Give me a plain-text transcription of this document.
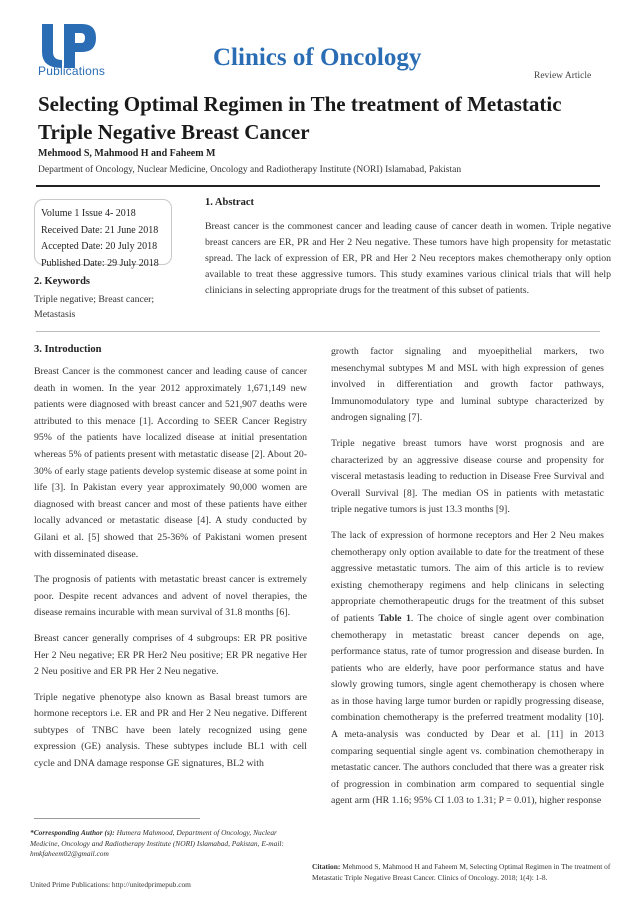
Publications	Clinics of Oncology
Review Article
Selecting Optimal Regimen in The treatment of Metastatic Triple Negative Breast Cancer
Mehmood S, Mahmood H and Faheem M
Department of Oncology, Nuclear Medicine, Oncology and Radiotherapy Institute (NORI) Islamabad, Pakistan
Volume 1 Issue 4- 2018
Received Date: 21 June 2018
Accepted Date: 20 July 2018
Published Date: 29 July 2018
2. Keywords
Triple negative; Breast cancer; Metastasis
1. Abstract
Breast cancer is the commonest cancer and leading cause of cancer death in women. Triple negative breast cancers are ER, PR and Her 2 Neu negative. These tumors have high propensity for metastatic spread. The lack of expression of ER, PR and Her 2 Neu receptors makes chemotherapy only option available to treat these aggressive tumors. This study examines various clinical trials that will help clinicians in selecting appropriate drugs for the treatment of this subset of patients.
3. Introduction

Breast Cancer is the commonest cancer and leading cause of cancer death in women. In the year 2012 approximately 1,671,149 new patients were diagnosed with breast cancer and 521,907 deaths were attributed to this menace [1]. According to SEER Cancer Registry 95% of the patients have localized disease at initial presentation whereas 5% of patients present with metastatic disease [2]. About 20-30% of early stage patients develop systemic disease at some point in life [3]. In Pakistan every year approximately 90,000 women are diagnosed with breast cancer and most of these patients have either locally advanced or metastatic disease [4]. A study conducted by Gilani et al. [5] showed that 25-36% of Pakistani women present with disseminated disease.

The prognosis of patients with metastatic breast cancer is extremely poor. Despite recent advances and advent of novel therapies, the disease remains incurable with mean survival of 31.8 months [6].

Breast cancer generally comprises of 4 subgroups: ER PR positive Her 2 Neu negative; ER PR Her2 Neu positive; ER PR negative Her 2 Neu positive and ER PR Her 2 Neu negative.

Triple negative phenotype also known as Basal breast tumors are hormone receptors i.e. ER and PR and Her 2 Neu negative. Different subtypes of TNBC have been lately recognized using gene expression (GE) analysis. These subtypes include BL1 with cell cycle and DNA damage response GE signatures, BL2 with

growth factor signaling and myoepithelial markers, two mesenchymal subtypes M and MSL with high expression of genes involved in differentiation and growth factor pathways, Immunomodulatory type and luminal subtype characterized by androgen signaling [7].

Triple negative breast tumors have worst prognosis and are characterized by an aggressive disease course and propensity for visceral metastasis leading to reduction in Disease Free Survival and Overall Survival [8]. The median OS in patients with metastatic triple negative tumors is just 13.3 months [9].

The lack of expression of hormone receptors and Her 2 Neu makes chemotherapy only option available to date for the treatment of these aggressive metastatic tumors. The aim of this article is to review existing chemotherapy regimens and help clinicans in selecting appropriate chemotherapeutic drugs for the treatment of this subset of patients Table 1. The choice of single agent over combination chemotherapy in metastatic breast cancer depends on age, performance status, rate of tumor progression and disease burden. In patients who are elderly, have poor performance status and have slowly growing tumors, single agent chemotherapy is chosen where as in those having large tumor burden or rapidly progressing disease, combination chemotherapy is the preferred treatment modality [10]. A meta-analysis was conducted by Dear et al. [11] in 2013 comparing sequential single agent vs. combination chemotherapy in metastatic cancer. The authors concluded that there was a greater risk of progression in combination arm compared to sequential single agent arm (HR 1.16; 95% CI 1.03 to 1.31; P = 0.01), higher response

*Corresponding Author (s): Humera Mahmood, Department of Oncology, Nuclear Medicine, Oncology and Radiotherapy Institute (NORI) Islamabad, Pakistan, E-mail: hmkfaheem02@gmail.com
Citation: Mehmood S, Mahmood H and Faheem M, Selecting Optimal Regimen in The treatment of Metastatic Triple Negative Breast Cancer. Clinics of Oncology. 2018; 1(4): 1-8.
United Prime Publications: http://unitedprimepub.com
